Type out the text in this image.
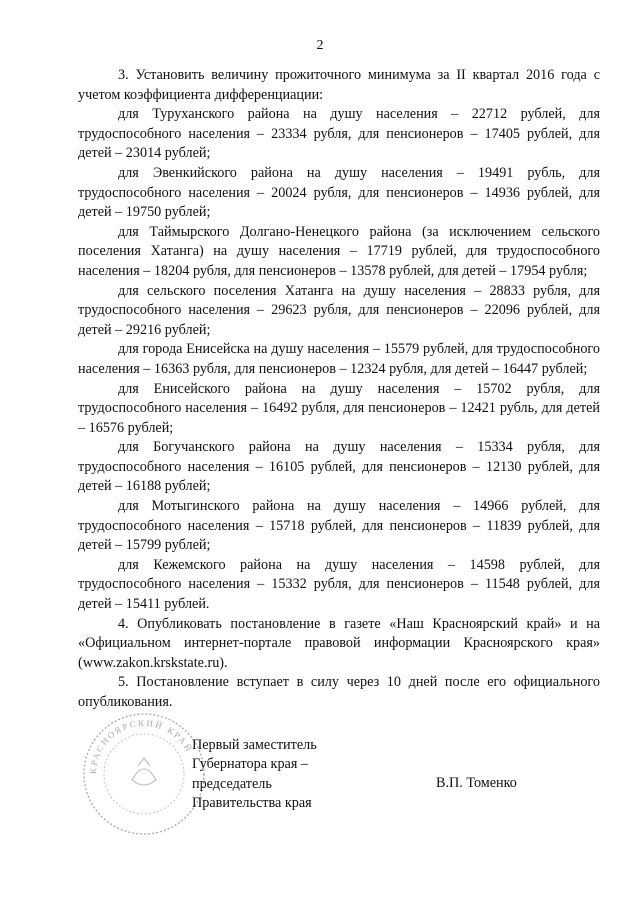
2

3. Установить величину прожиточного минимума за II квартал 2016 года с учетом коэффициента дифференциации:

для Туруханского района на душу населения – 22712 рублей, для трудоспособного населения – 23334 рубля, для пенсионеров – 17405 рублей, для детей – 23014 рублей;

для Эвенкийского района на душу населения – 19491 рубль, для трудоспособного населения – 20024 рубля, для пенсионеров – 14936 рублей, для детей – 19750 рублей;

для Таймырского Долгано-Ненецкого района (за исключением сельского поселения Хатанга) на душу населения – 17719 рублей, для трудоспособного населения – 18204 рубля, для пенсионеров – 13578 рублей, для детей – 17954 рубля;

для сельского поселения Хатанга на душу населения – 28833 рубля, для трудоспособного населения – 29623 рубля, для пенсионеров – 22096 рублей, для детей – 29216 рублей;

для города Енисейска на душу населения – 15579 рублей, для трудоспособного населения – 16363 рубля, для пенсионеров – 12324 рубля, для детей – 16447 рублей;

для Енисейского района на душу населения – 15702 рубля, для трудоспособного населения – 16492 рубля, для пенсионеров – 12421 рубль, для детей – 16576 рублей;

для Богучанского района на душу населения – 15334 рубля, для трудоспособного населения – 16105 рублей, для пенсионеров – 12130 рублей, для детей – 16188 рублей;

для Мотыгинского района на душу населения – 14966 рублей, для трудоспособного населения – 15718 рублей, для пенсионеров – 11839 рублей, для детей – 15799 рублей;

для Кежемского района на душу населения – 14598 рублей, для трудоспособного населения – 15332 рубля, для пенсионеров – 11548 рублей, для детей – 15411 рублей.

4. Опубликовать постановление в газете «Наш Красноярский край» и на «Официальном интернет-портале правовой информации Красноярского края» (www.zakon.krskstate.ru).

5. Постановление вступает в силу через 10 дней после его официального опубликования.

КРАСНОЯРСКИЙ КРАЙ
Первый заместитель
Губернатора края –
председатель
Правительства края
В.П. Томенко
